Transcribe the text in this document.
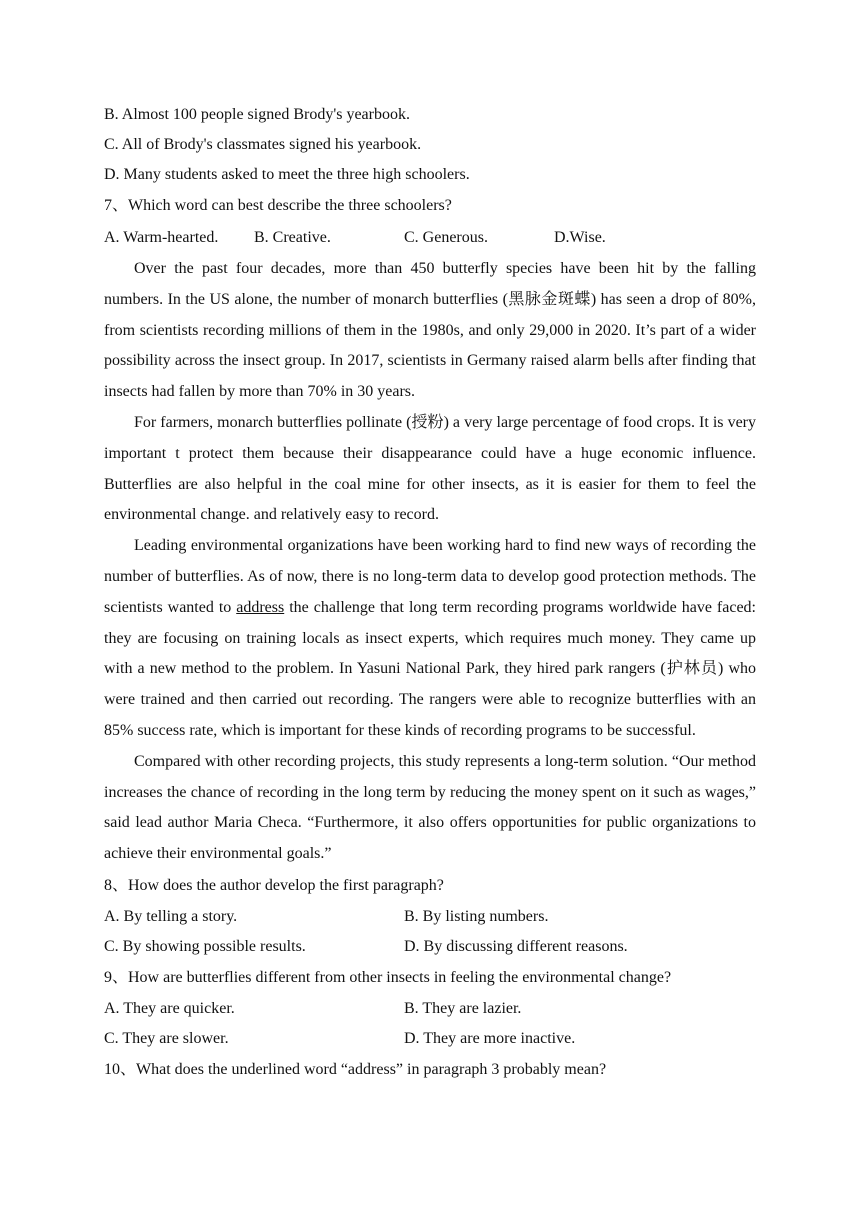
B. Almost 100 people signed Brody's yearbook.
C. All of Brody's classmates signed his yearbook.
D. Many students asked to meet the three high schoolers.
7、Which word can best describe the three schoolers?
A. Warm-hearted.	B. Creative.	C. Generous.	D.Wise.

Over the past four decades, more than 450 butterfly species have been hit by the falling numbers. In the US alone, the number of monarch butterflies (黑脉金斑蝶) has seen a drop of 80%, from scientists recording millions of them in the 1980s, and only 29,000 in 2020. It’s part of a wider possibility across the insect group. In 2017, scientists in Germany raised alarm bells after finding that insects had fallen by more than 70% in 30 years.

For farmers, monarch butterflies pollinate (授粉) a very large percentage of food crops. It is very important t protect them because their disappearance could have a huge economic influence. Butterflies are also helpful in the coal mine for other insects, as it is easier for them to feel the environmental change. and relatively easy to record.

Leading environmental organizations have been working hard to find new ways of recording the number of butterflies. As of now, there is no long-term data to develop good protection methods. The scientists wanted to address the challenge that long term recording programs worldwide have faced: they are focusing on training locals as insect experts, which requires much money. They came up with a new method to the problem. In Yasuni National Park, they hired park rangers (护林员) who were trained and then carried out recording. The rangers were able to recognize butterflies with an 85% success rate, which is important for these kinds of recording programs to be successful.

Compared with other recording projects, this study represents a long-term solution. “Our method increases the chance of recording in the long term by reducing the money spent on it such as wages,” said lead author Maria Checa. “Furthermore, it also offers opportunities for public organizations to achieve their environmental goals.”

8、How does the author develop the first paragraph?
A. By telling a story.	B. By listing numbers.
C. By showing possible results.	D. By discussing different reasons.
9、How are butterflies different from other insects in feeling the environmental change?
A. They are quicker.	B. They are lazier.
C. They are slower.	D. They are more inactive.
10、What does the underlined word “address” in paragraph 3 probably mean?
